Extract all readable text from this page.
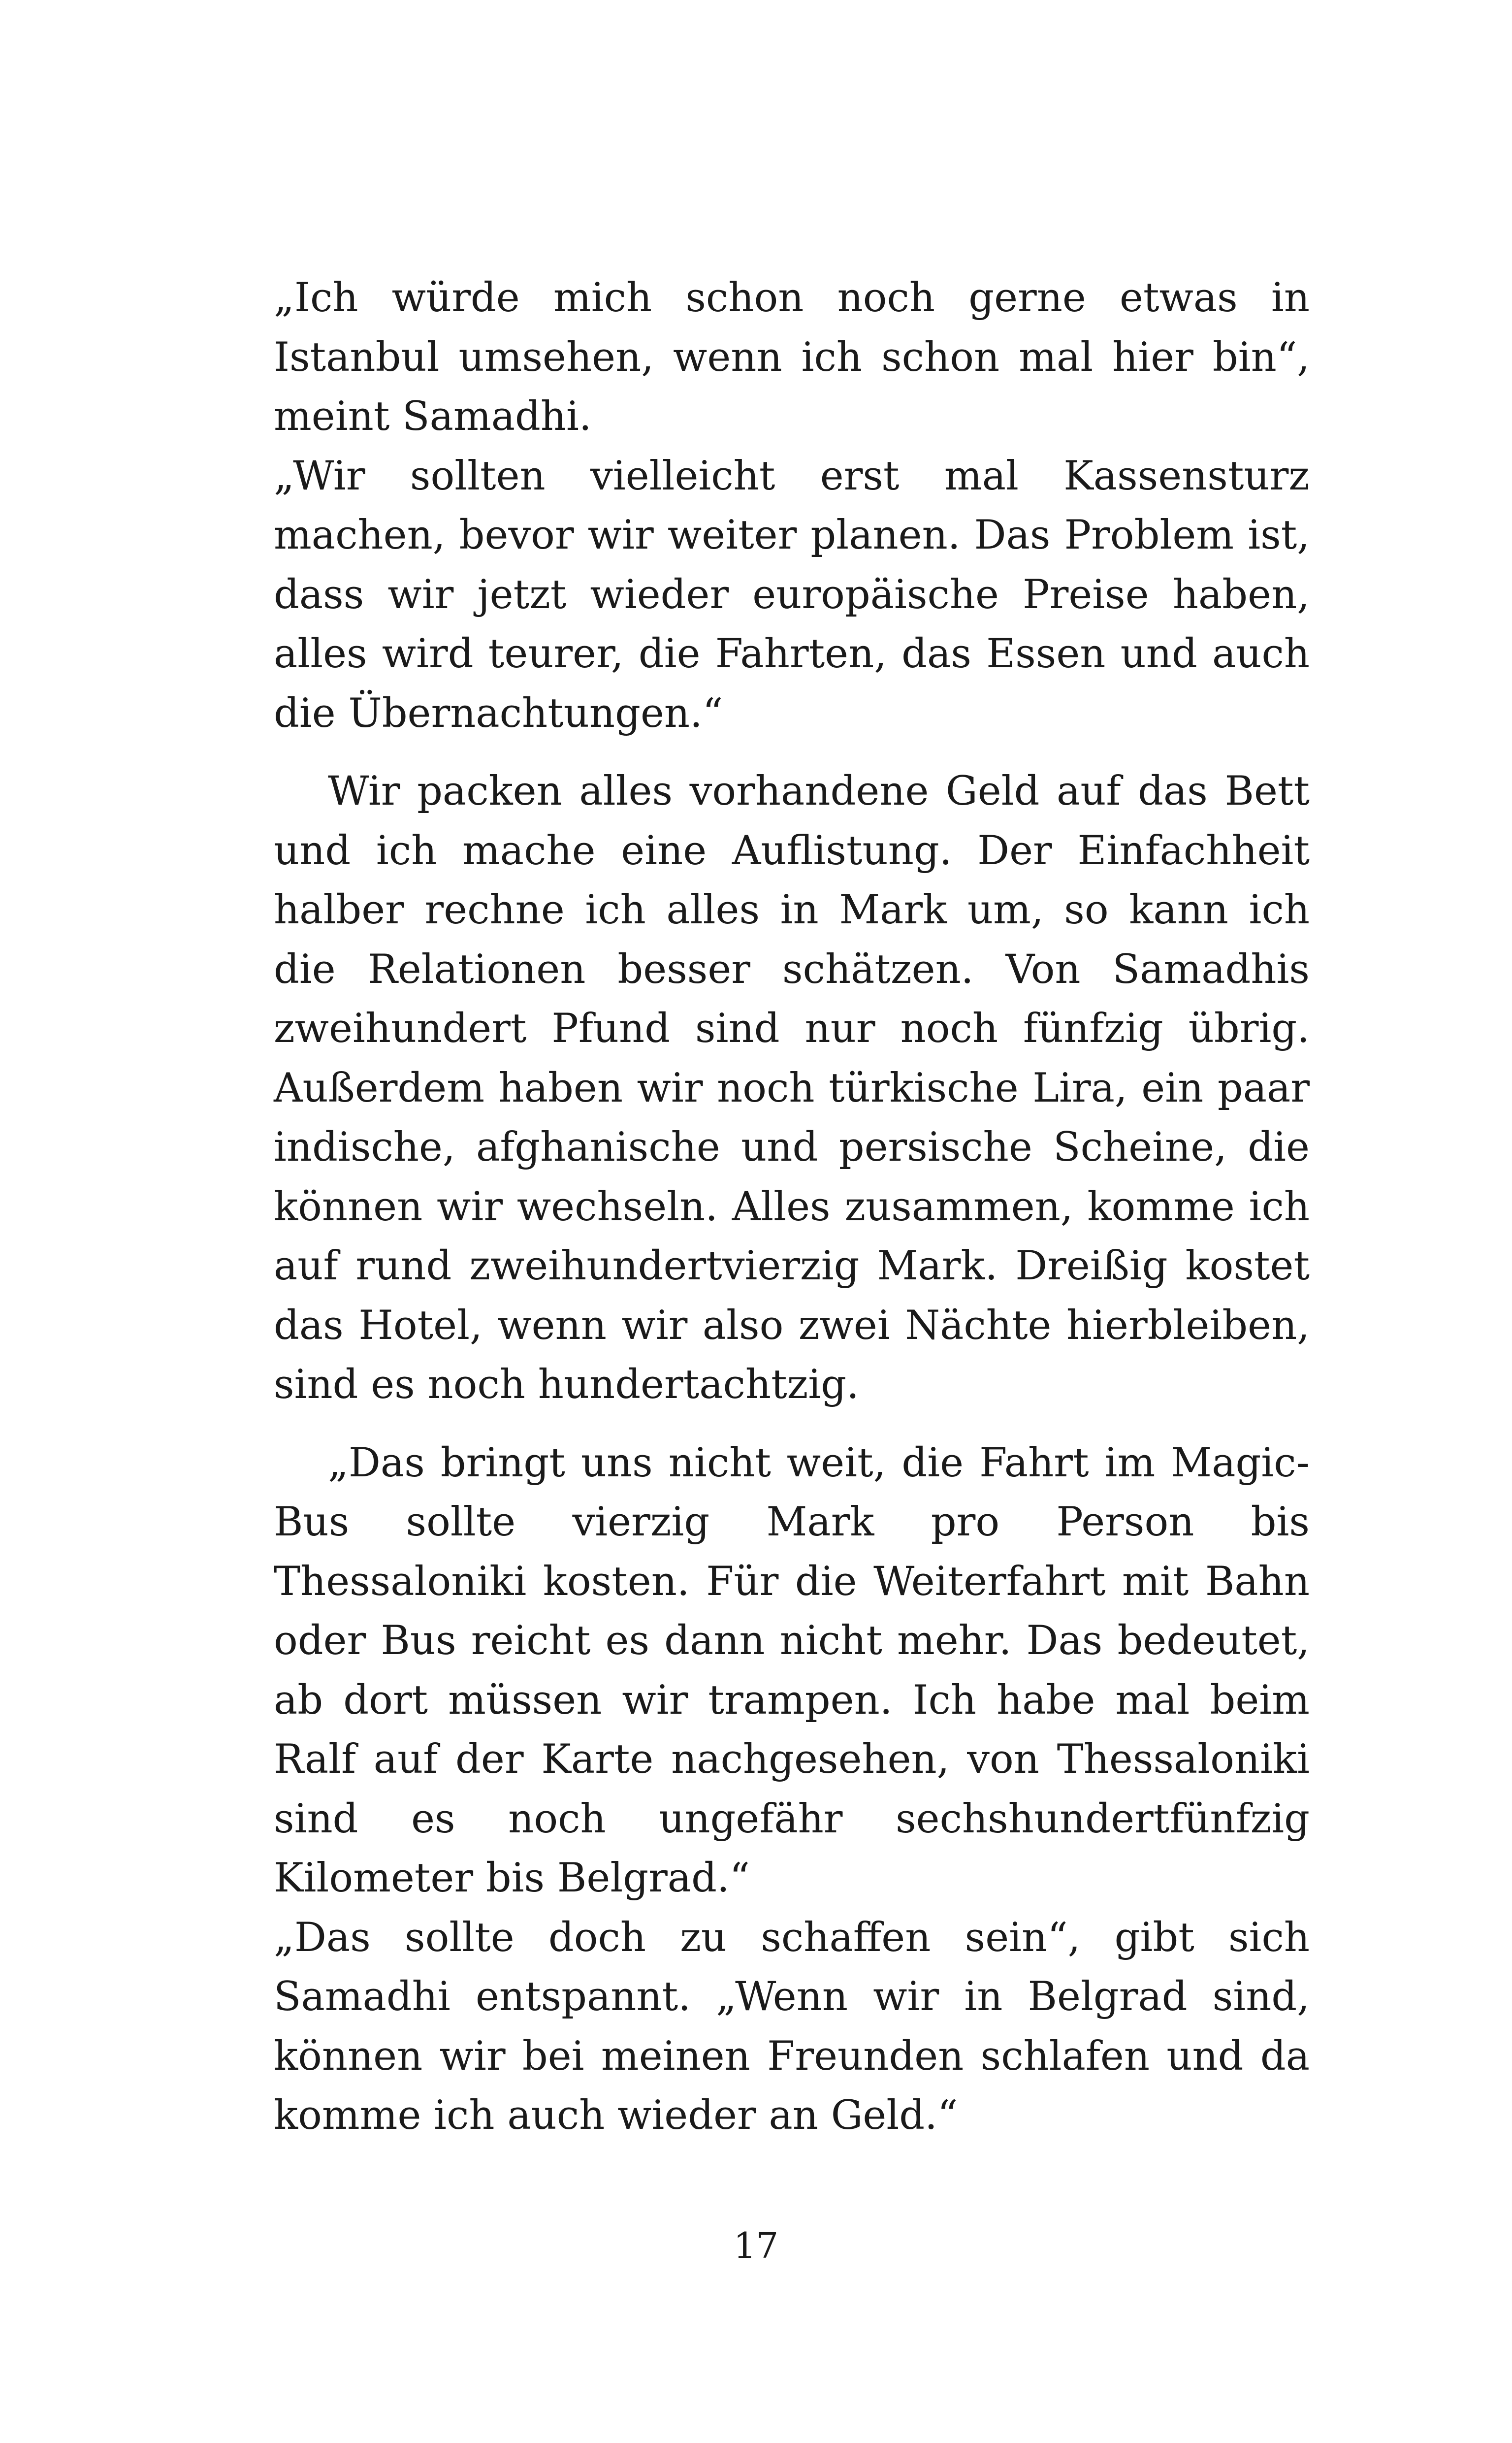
„Ich würde mich schon noch gerne etwas in Istanbul umsehen, wenn ich schon mal hier bin“, meint Samadhi.

„Wir sollten vielleicht erst mal Kassensturz machen, bevor wir weiter planen. Das Problem ist, dass wir jetzt wieder europäische Preise haben, alles wird teurer, die Fahrten, das Essen und auch die Übernachtungen.“

Wir packen alles vorhandene Geld auf das Bett und ich mache eine Auflistung. Der Einfachheit halber rechne ich alles in Mark um, so kann ich die Relationen besser schätzen. Von Samadhis zweihundert Pfund sind nur noch fünfzig übrig. Außerdem haben wir noch türkische Lira, ein paar indische, afghanische und persische Scheine, die können wir wechseln. Alles zusammen, komme ich auf rund zweihundertvierzig Mark. Dreißig kostet das Hotel, wenn wir also zwei Nächte hierbleiben, sind es noch hundertachtzig.

„Das bringt uns nicht weit, die Fahrt im Magic-Bus sollte vierzig Mark pro Person bis Thessaloniki kosten. Für die Weiterfahrt mit Bahn oder Bus reicht es dann nicht mehr. Das bedeutet, ab dort müssen wir trampen. Ich habe mal beim Ralf auf der Karte nachgesehen, von Thessaloniki sind es noch ungefähr sechshundertfünfzig Kilometer bis Belgrad.“

„Das sollte doch zu schaffen sein“, gibt sich Samadhi entspannt. „Wenn wir in Belgrad sind, können wir bei meinen Freunden schlafen und da komme ich auch wieder an Geld.“

17
